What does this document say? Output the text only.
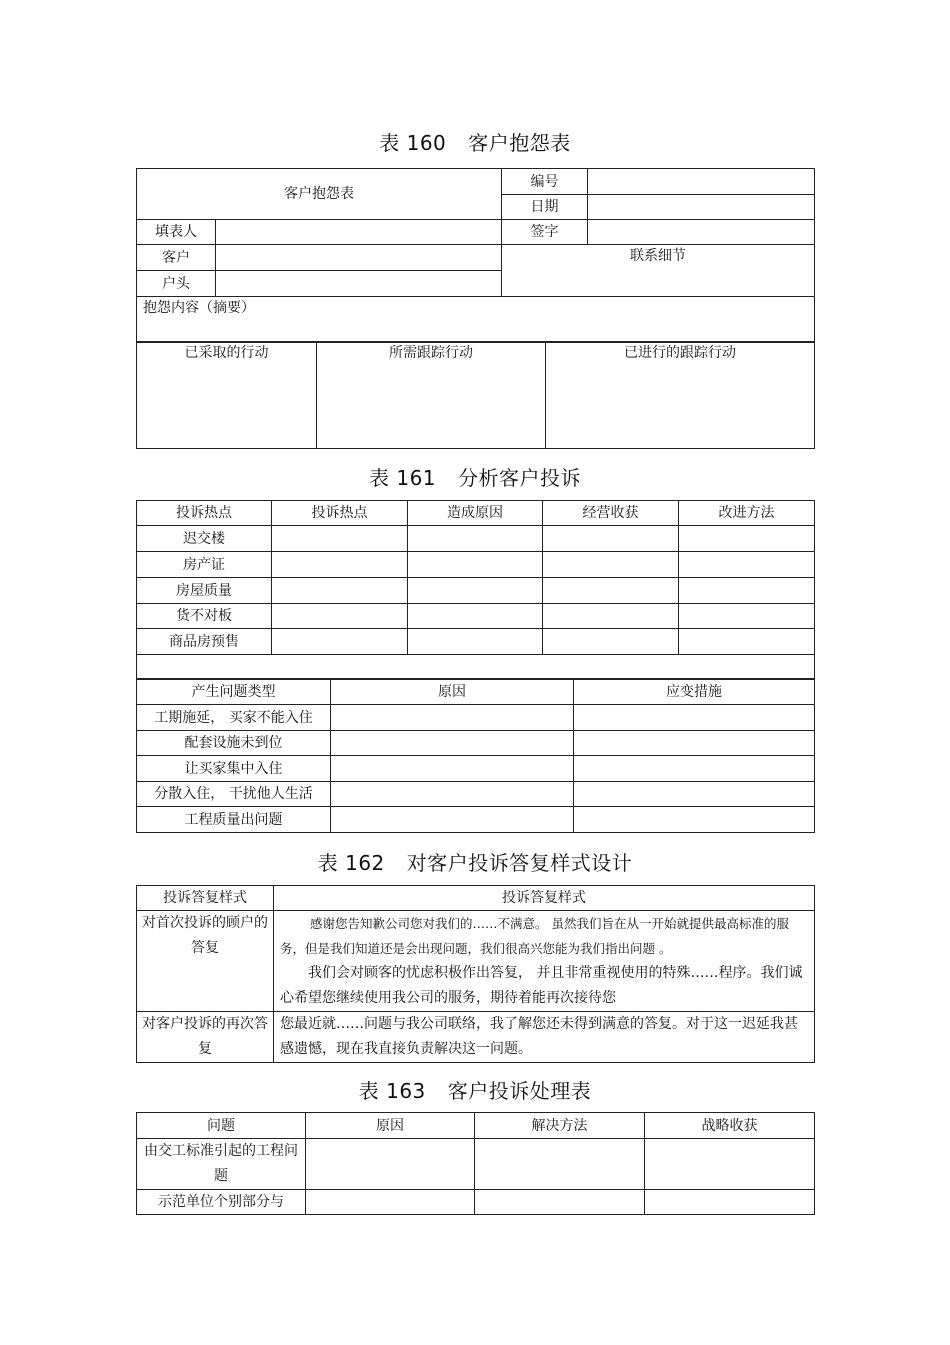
表 160 客户抱怨表
客户抱怨表		编号	
		日期	
填表人		签字	
客户		联系细节	
户头			
抱怨内容（摘要）			
已采取的行动	所需跟踪行动	已进行的跟踪行动
表 161 分析客户投诉
投诉热点	投诉热点	造成原因	经营收获	改进方法
迟交楼				
房产证				
房屋质量				
货不对板				
商品房预售				

产生问题类型	原因	应变措施
工期施延， 买家不能入住		
配套设施未到位		
让买家集中入住		
分散入住， 干扰他人生活		
工程质量出问题		
表 162 对客户投诉答复样式设计
投诉答复样式	投诉答复样式
对首次投诉的顾户的答复	感谢您告知歉公司您对我们的……不满意。 虽然我们旨在从一开始就提供最高标准的服务，但是我们知道还是会出现问题，我们很高兴您能为我们指出问题 。

我们会对顾客的忧虑积极作出答复， 并且非常重视使用的特殊……程序。我们诚心希望您继续使用我公司的服务，期待着能再次接待您

对客户投诉的再次答复	您最近就……问题与我公司联络，我了解您还未得到满意的答复。对于这一迟延我甚感遗憾，现在我直接负责解决这一问题。
表 163 客户投诉处理表
问题	原因	解决方法	战略收获
由交工标准引起的工程问题			
示范单位个别部分与			
